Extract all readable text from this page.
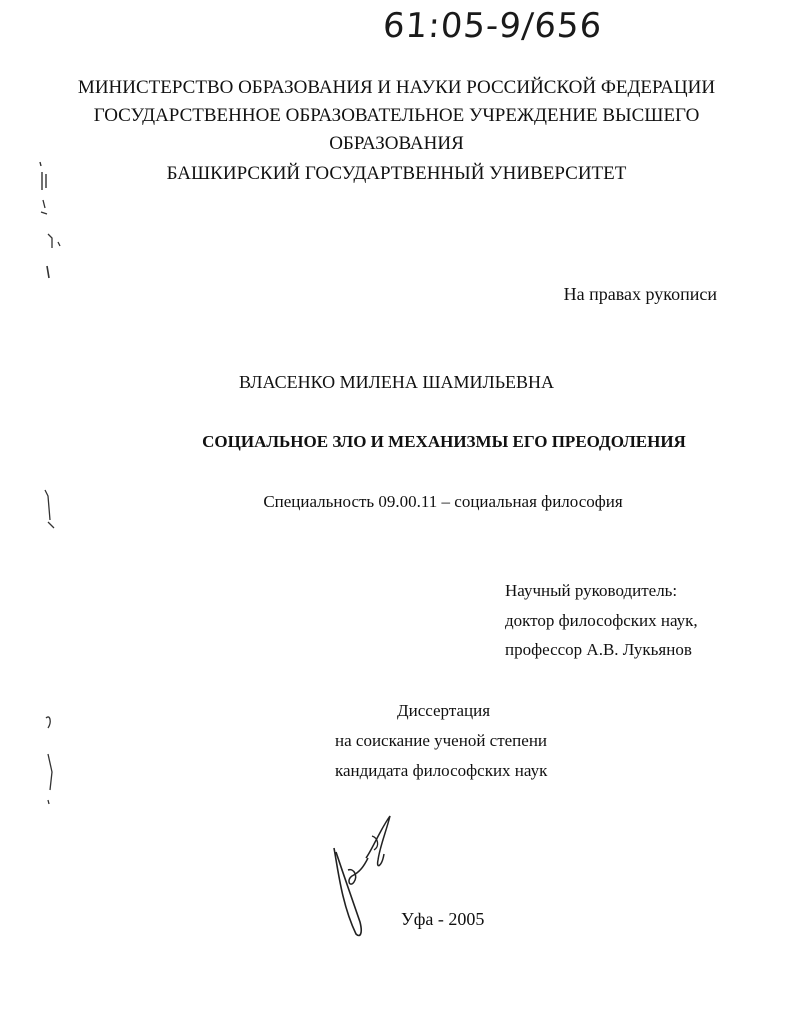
61:05-9/656
МИНИСТЕРСТВО ОБРАЗОВАНИЯ И НАУКИ РОССИЙСКОЙ ФЕДЕРАЦИИ
ГОСУДАРСТВЕННОЕ ОБРАЗОВАТЕЛЬНОЕ УЧРЕЖДЕНИЕ ВЫСШЕГО
ОБРАЗОВАНИЯ
БАШКИРСКИЙ ГОСУДАРТВЕННЫЙ УНИВЕРСИТЕТ
На правах рукописи
ВЛАСЕНКО МИЛЕНА ШАМИЛЬЕВНА
СОЦИАЛЬНОЕ ЗЛО И МЕХАНИЗМЫ ЕГО ПРЕОДОЛЕНИЯ
Специальность 09.00.11 – социальная философия
Научный руководитель:
доктор философских наук,
профессор А.В. Лукьянов
Диссертация
на соискание ученой степени
кандидата философских наук
Уфа - 2005
